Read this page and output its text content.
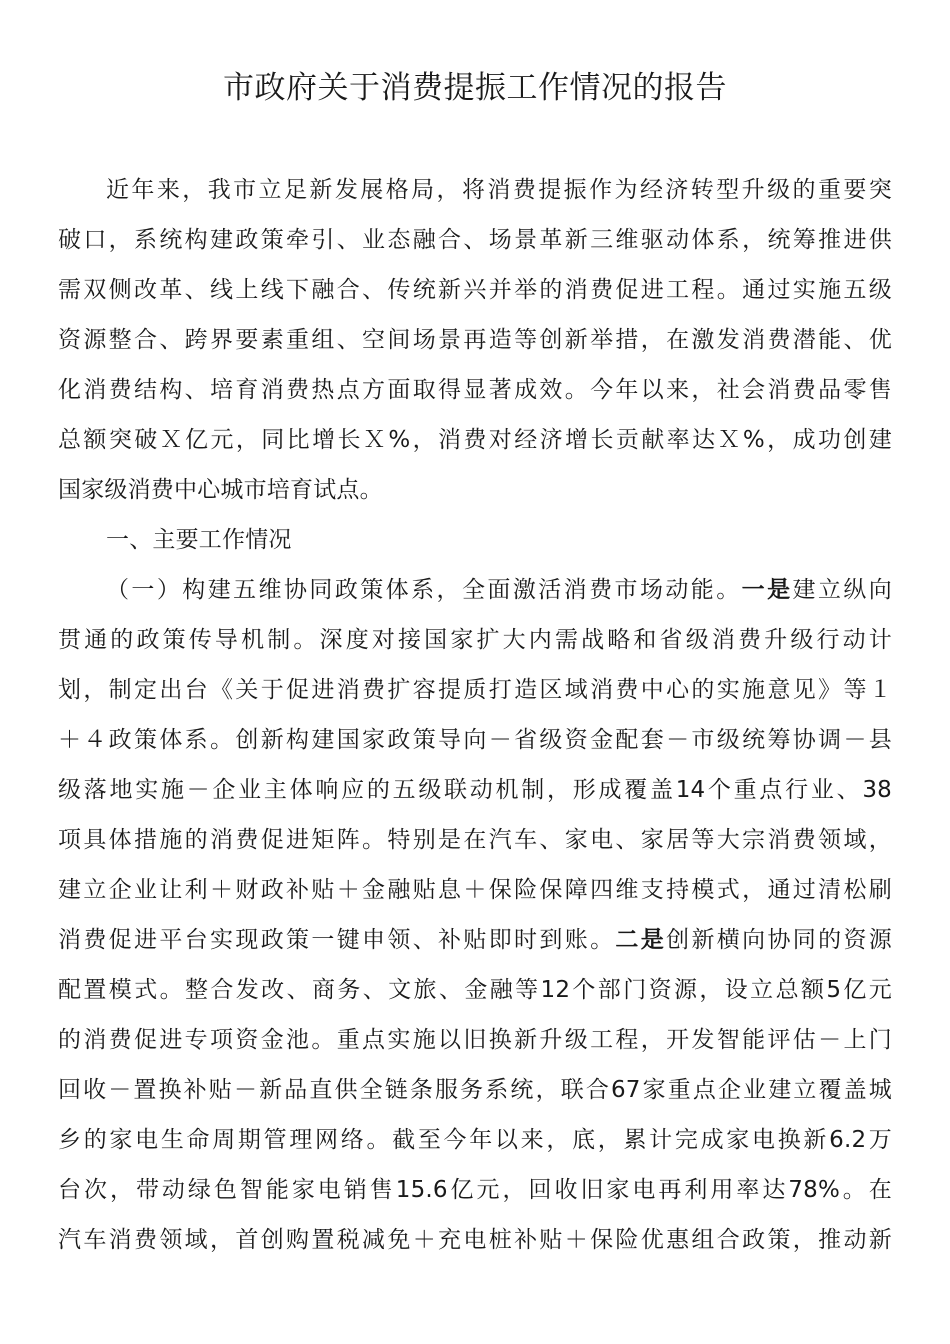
市政府关于消费提振工作情况的报告
近年来，我市立足新发展格局，将消费提振作为经济转型升级的重要突
破口，系统构建政策牵引、业态融合、场景革新三维驱动体系，统筹推进供
需双侧改革、线上线下融合、传统新兴并举的消费促进工程。通过实施五级
资源整合、跨界要素重组、空间场景再造等创新举措，在激发消费潜能、优
化消费结构、培育消费热点方面取得显著成效。今年以来，社会消费品零售
总额突破Ｘ亿元，同比增长Ｘ%，消费对经济增长贡献率达Ｘ%，成功创建
国家级消费中心城市培育试点。
一、主要工作情况
（一）构建五维协同政策体系，全面激活消费市场动能。一是建立纵向
贯通的政策传导机制。深度对接国家扩大内需战略和省级消费升级行动计
划，制定出台《关于促进消费扩容提质打造区域消费中心的实施意见》等１
＋４政策体系。创新构建国家政策导向－省级资金配套－市级统筹协调－县
级落地实施－企业主体响应的五级联动机制，形成覆盖14个重点行业、38
项具体措施的消费促进矩阵。特别是在汽车、家电、家居等大宗消费领域，
建立企业让利＋财政补贴＋金融贴息＋保险保障四维支持模式，通过清松刷
消费促进平台实现政策一键申领、补贴即时到账。二是创新横向协同的资源
配置模式。整合发改、商务、文旅、金融等12个部门资源，设立总额5亿元
的消费促进专项资金池。重点实施以旧换新升级工程，开发智能评估－上门
回收－置换补贴－新品直供全链条服务系统，联合67家重点企业建立覆盖城
乡的家电生命周期管理网络。截至今年以来，底，累计完成家电换新6.2万
台次，带动绿色智能家电销售15.6亿元，回收旧家电再利用率达78%。在
汽车消费领域，首创购置税减免＋充电桩补贴＋保险优惠组合政策，推动新
